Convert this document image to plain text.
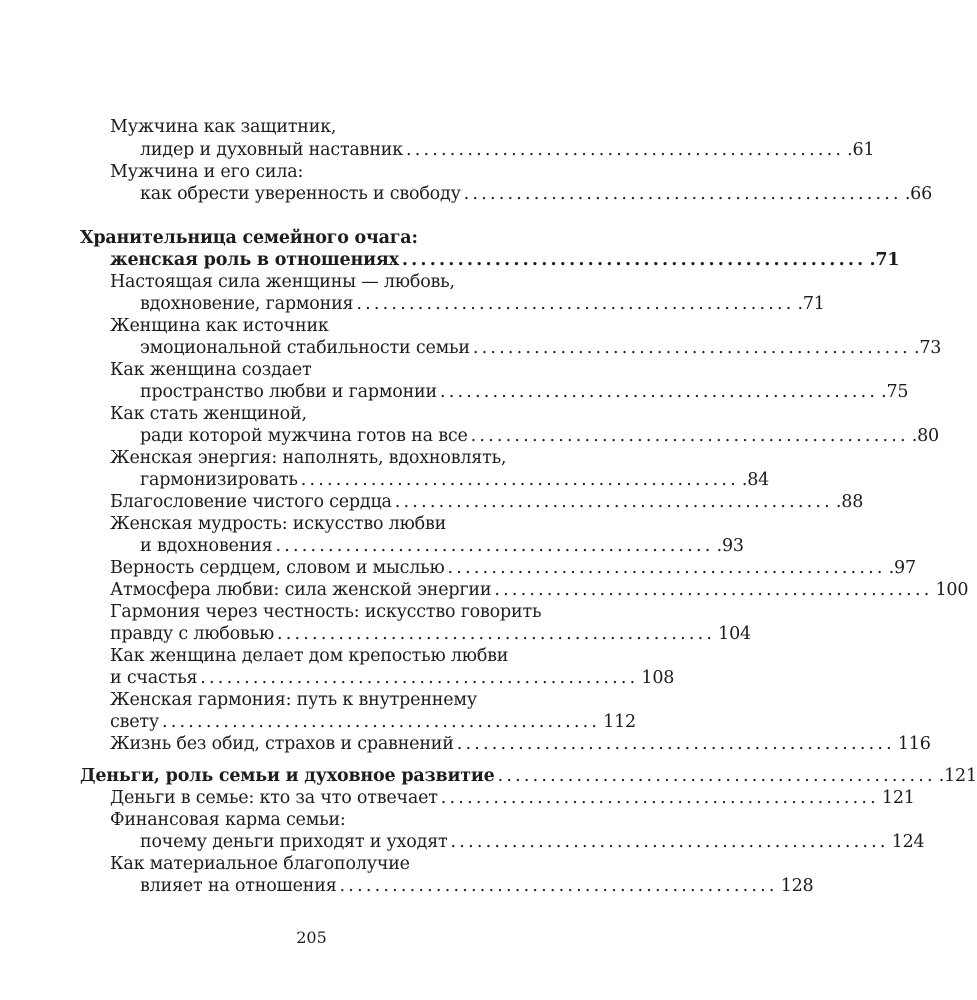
Мужчина как защитник,
лидер и духовный наставник .................................................. .61
Мужчина и его сила:
как обрести уверенность и свободу .................................................. .66
Хранительница семейного очага:
женская роль в отношениях .................................................. .71
Настоящая сила женщины — любовь,
вдохновение, гармония .................................................. .71
Женщина как источник
эмоциональной стабильности семьи .................................................. .73
Как женщина создает
пространство любви и гармонии .................................................. .75
Как стать женщиной,
ради которой мужчина готов на все .................................................. .80
Женская энергия: наполнять, вдохновлять,
гармонизировать .................................................. .84
Благословение чистого сердца .................................................. .88
Женская мудрость: искусство любви
и вдохновения .................................................. .93
Верность сердцем, словом и мыслью .................................................. .97
Атмосфера любви: сила женской энергии .................................................. 100
Гармония через честность: искусство говорить
правду с любовью .................................................. 104
Как женщина делает дом крепостью любви
и счастья .................................................. 108
Женская гармония: путь к внутреннему
свету .................................................. 112
Жизнь без обид, страхов и сравнений .................................................. 116
Деньги, роль семьи и духовное развитие .................................................. .121
Деньги в семье: кто за что отвечает .................................................. 121
Финансовая карма семьи:
почему деньги приходят и уходят .................................................. 124
Как материальное благополучие
влияет на отношения .................................................. 128
205
